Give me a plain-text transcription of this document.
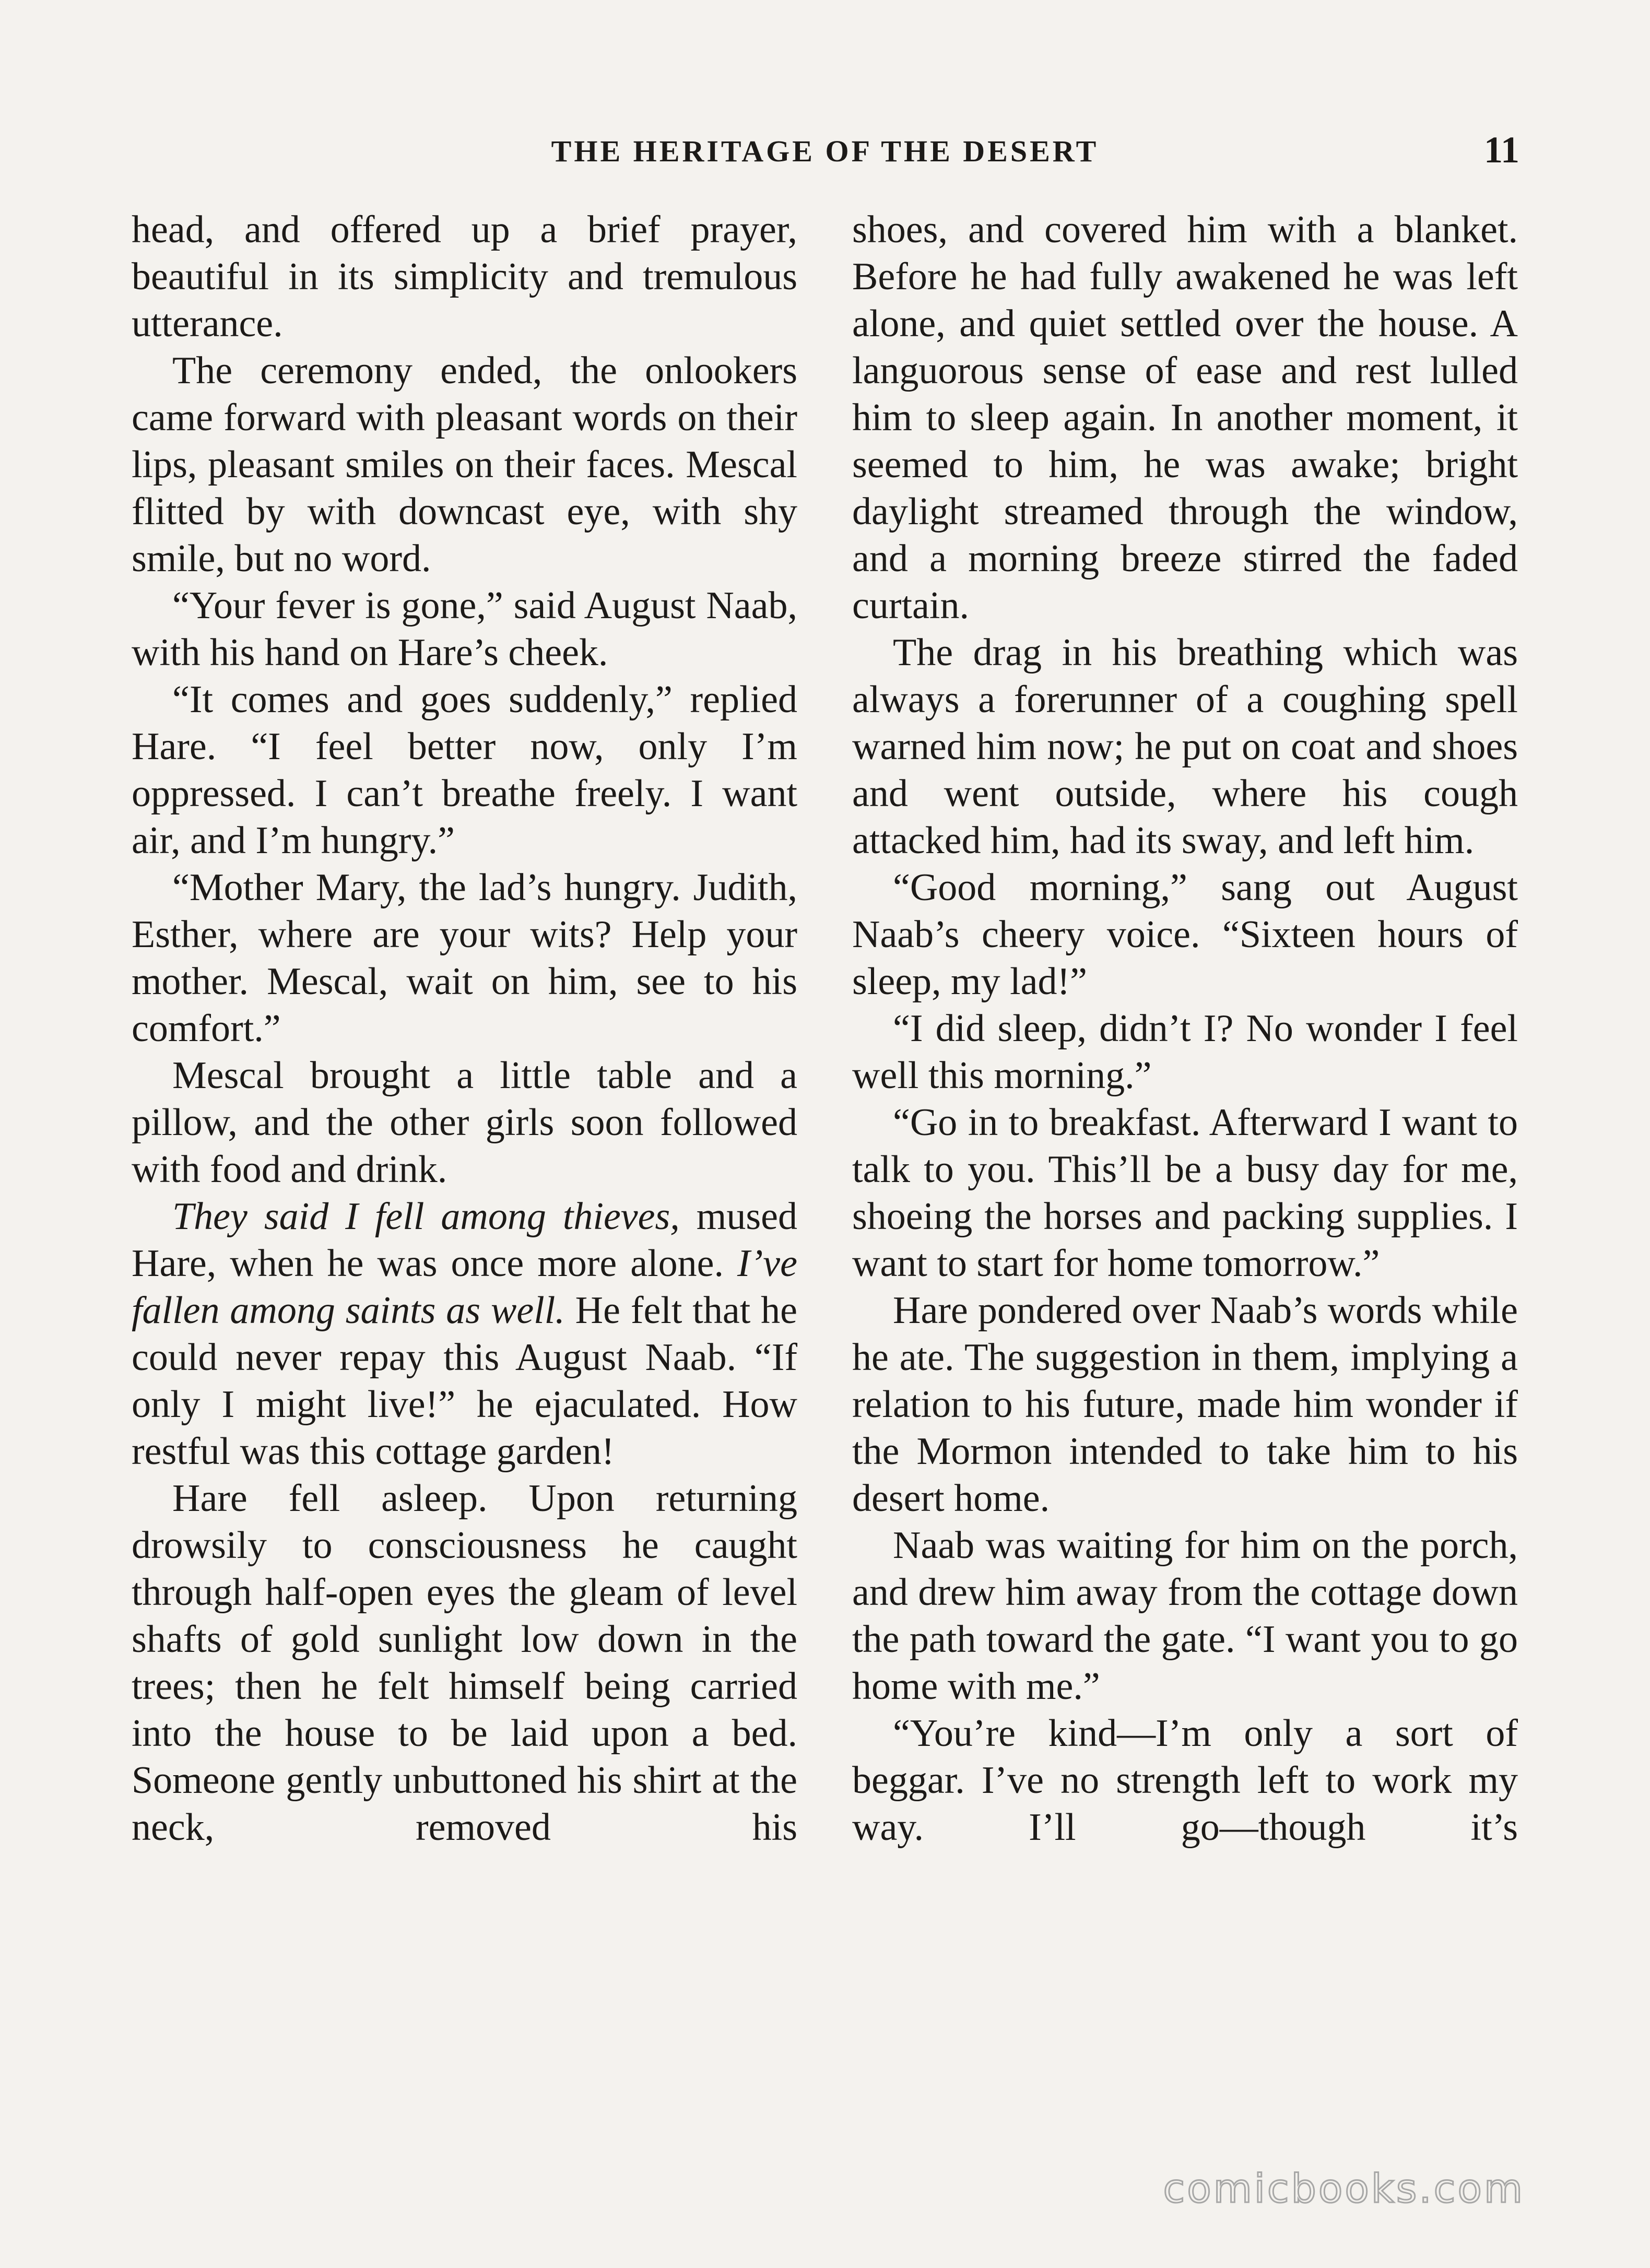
THE HERITAGE OF THE DESERT	11

head, and offered up a brief prayer, beautiful in its simplicity and tremulous utterance.

The ceremony ended, the onlookers came forward with pleasant words on their lips, pleasant smiles on their faces. Mescal flitted by with downcast eye, with shy smile, but no word.

“Your fever is gone,” said August Naab, with his hand on Hare’s cheek.

“It comes and goes suddenly,” replied Hare. “I feel better now, only I’m oppressed. I can’t breathe freely. I want air, and I’m hungry.”

“Mother Mary, the lad’s hungry. Judith, Esther, where are your wits? Help your mother. Mescal, wait on him, see to his comfort.”

Mescal brought a little table and a pillow, and the other girls soon followed with food and drink.

They said I fell among thieves, mused Hare, when he was once more alone. I’ve fallen among saints as well. He felt that he could never repay this August Naab. “If only I might live!” he ejaculated. How restful was this cottage garden!

Hare fell asleep. Upon returning drowsily to consciousness he caught through half-open eyes the gleam of level shafts of gold sunlight low down in the trees; then he felt himself being carried into the house to be laid upon a bed. Someone gently unbuttoned his shirt at the neck, removed his

shoes, and covered him with a blanket. Before he had fully awakened he was left alone, and quiet settled over the house. A languorous sense of ease and rest lulled him to sleep again. In another moment, it seemed to him, he was awake; bright daylight streamed through the window, and a morning breeze stirred the faded curtain.

The drag in his breathing which was always a forerunner of a coughing spell warned him now; he put on coat and shoes and went outside, where his cough attacked him, had its sway, and left him.

“Good morning,” sang out August Naab’s cheery voice. “Sixteen hours of sleep, my lad!”

“I did sleep, didn’t I? No wonder I feel well this morning.”

“Go in to breakfast. Afterward I want to talk to you. This’ll be a busy day for me, shoeing the horses and packing supplies. I want to start for home tomorrow.”

Hare pondered over Naab’s words while he ate. The suggestion in them, implying a relation to his future, made him wonder if the Mormon intended to take him to his desert home.

Naab was waiting for him on the porch, and drew him away from the cottage down the path toward the gate. “I want you to go home with me.”

“You’re kind—I’m only a sort of beggar. I’ve no strength left to work my way. I’ll go—though it’s

comicbooks.com
